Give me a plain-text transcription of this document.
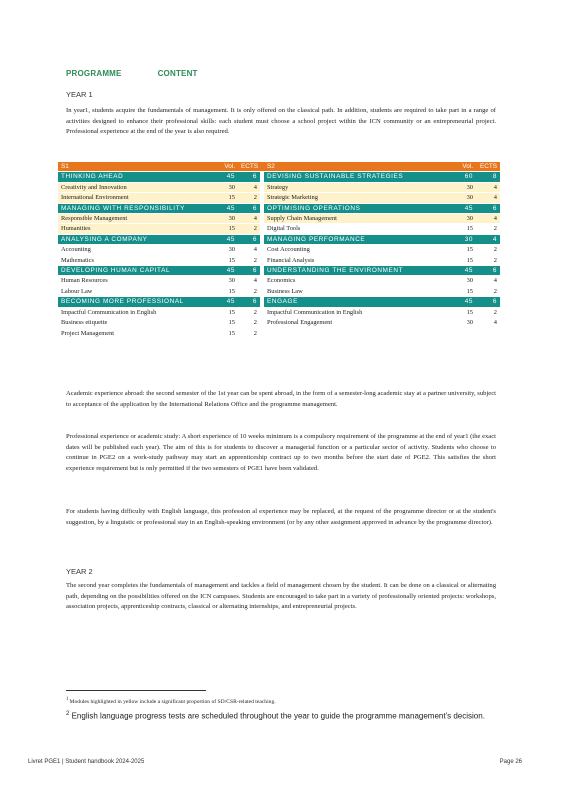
PROGRAMME	CONTENT
YEAR 1
In year1, students acquire the fundamentals of management. It is only offered on the classical path. In addition, students are required to take part in a range of activities designed to enhance their professional skills: each student must choose a school project within the ICN community or an entrepreneurial project. Professional experience at the end of the year is also required.
S1	Vol.	ECTS		S2	Vol.	ECTS
THINKING AHEAD	45	6		DEVISING SUSTAINABLE STRATEGIES	60	8
Creativity and Innovation	30	4		Strategy	30	4
International Environment	15	2		Strategic Marketing	30	4
MANAGING WITH RESPONSIBILITY	45	6		OPTIMISING OPERATIONS	45	6
Responsible Management	30	4		Supply Chain Management	30	4
Humanities	15	2		Digital Tools	15	2
ANALYSING A COMPANY	45	6		MANAGING PERFORMANCE	30	4
Accounting	30	4		Cost Accounting	15	2
Mathematics	15	2		Financial Analysis	15	2
DEVELOPING HUMAN CAPITAL	45	6		UNDERSTANDING THE ENVIRONMENT	45	6
Human Resources	30	4		Economics	30	4
Labour Law	15	2		Business Law	15	2
BECOMING MORE PROFESSIONAL	45	6		ENGAGE	45	6
Impactful Communication in English	15	2		Impactful Communication in English	15	2
Business etiquette	15	2		Professional Engagement	30	4
Project Management	15	2				
Academic experience abroad: the second semester of the 1st year can be spent abroad, in the form of a semester-long academic stay at a partner university, subject to acceptance of the application by the International Relations Office and the programme management.
Professional experience or academic study: A short experience of 10 weeks minimum is a compulsory requirement of the programme at the end of year1 (the exact dates will be published each year). The aim of this is for students to discover a managerial function or a particular sector of activity. Students who choose to continue in PGE2 on a work-study pathway may start an apprenticeship contract up to two months before the start date of PGE2. This satisfies the short experience requirement but is only permitted if the two semesters of PGE1 have been validated.
For students having difficulty with English language, this profession al experience may be replaced, at the request of the programme director or at the student's suggestion, by a linguistic or professional stay in an English-speaking environment (or by any other assignment approved in advance by the programme director).
YEAR 2
The second year completes the fundamentals of management and tackles a field of management chosen by the student. It can be done on a classical or alternating path, depending on the possibilities offered on the ICN campuses. Students are encouraged to take part in a variety of professionally oriented projects: workshops, association projects, apprenticeship contracts, classical or alternating internships, and entrepreneurial projects.
$^1$ Modules highlighted in yellow include a significant proportion of SD/CSR-related teaching.
$^2$ English language progress tests are scheduled throughout the year to guide the programme management's decision.
Livret PGE1 | Student handbook 2024-2025	Page 26
